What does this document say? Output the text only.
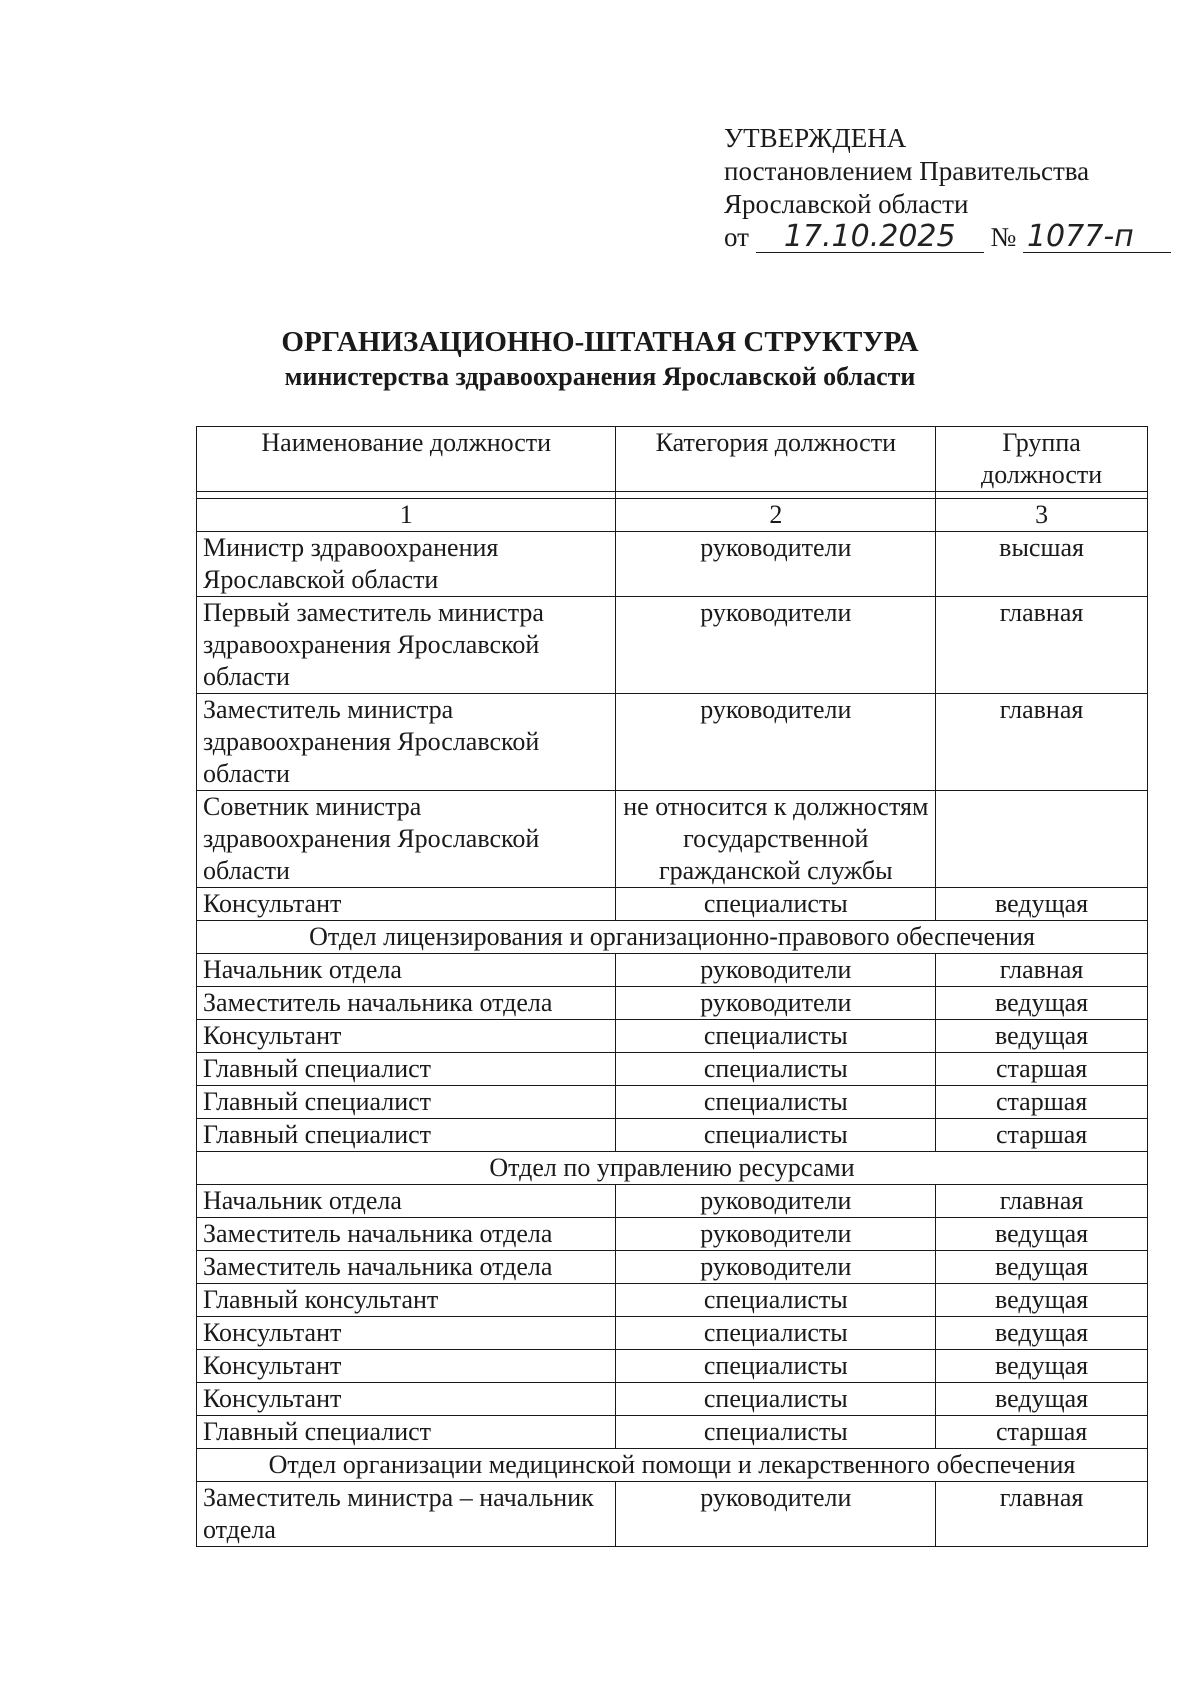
УТВЕРЖДЕНА
постановлением Правительства
Ярославской области
от 17.10.2025 № 1077-п
ОРГАНИЗАЦИОННО-ШТАТНАЯ СТРУКТУРА
министерства здравоохранения Ярославской области
Наименование должности	Категория должности	Группа должности

1	2	3
Министр здравоохранения Ярославской области	руководители	высшая
Первый заместитель министра здравоохранения Ярославской области	руководители	главная
Заместитель министра здравоохранения Ярославской области	руководители	главная
Советник министра здравоохранения Ярославской области	не относится к должностям государственной гражданской службы	
Консультант	специалисты	ведущая
Отдел лицензирования и организационно-правового обеспечения		
Начальник отдела	руководители	главная
Заместитель начальника отдела	руководители	ведущая
Консультант	специалисты	ведущая
Главный специалист	специалисты	старшая
Главный специалист	специалисты	старшая
Главный специалист	специалисты	старшая
Отдел по управлению ресурсами		
Начальник отдела	руководители	главная
Заместитель начальника отдела	руководители	ведущая
Заместитель начальника отдела	руководители	ведущая
Главный консультант	специалисты	ведущая
Консультант	специалисты	ведущая
Консультант	специалисты	ведущая
Консультант	специалисты	ведущая
Главный специалист	специалисты	старшая
Отдел организации медицинской помощи и лекарственного обеспечения		
Заместитель министра – начальник отдела	руководители	главная
